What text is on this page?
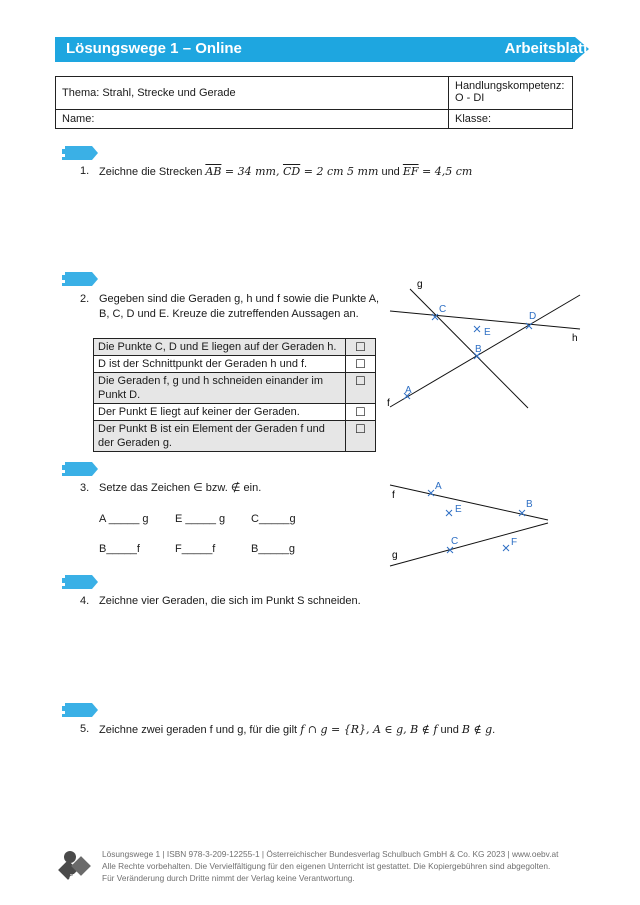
Lösungswege 1 – Online	Arbeitsblatt
Thema: Strahl, Strecke und Gerade	Handlungskompetenz:
O - DI

Name:	Klasse:
1. Zeichne die Strecken $\overline{AB} = 34$ mm, $\overline{CD} = 2$ cm 5 mm und $\overline{EF} = 4,5$ cm
2. Gegeben sind die Geraden g, h und f sowie die Punkte A,
B, C, D und E. Kreuze die zutreffenden Aussagen an.
Die Punkte C, D und E liegen auf der Geraden h.	☐
D ist der Schnittpunkt der Geraden h und f.	☐
Die Geraden f, g und h schneiden einander im Punkt D.	☐
Der Punkt E liegt auf keiner der Geraden.	☐
Der Punkt B ist ein Element der Geraden f und der Geraden g.	☐
g
h
f
C
D
E
B
A
3. Setze das Zeichen ∈ bzw. ∉ ein.
A _____ g E _____ g C_____g
B_____f	F_____f	B_____g
f
g
A
E	B
C	F
4. Zeichne vier Geraden, die sich im Punkt S schneiden.
5. Zeichne zwei geraden f und g, für die gilt f ∩ g = {R}, A ∈ g, B ∉ f und B ∉ g.
öbv
Lösungswege 1 | ISBN 978-3-209-12255-1 | Österreichischer Bundesverlag Schulbuch GmbH & Co. KG 2023 | www.oebv.at
Alle Rechte vorbehalten. Die Vervielfältigung für den eigenen Unterricht ist gestattet. Die Kopiergebühren sind abgegolten.
Für Veränderung durch Dritte nimmt der Verlag keine Verantwortung.
